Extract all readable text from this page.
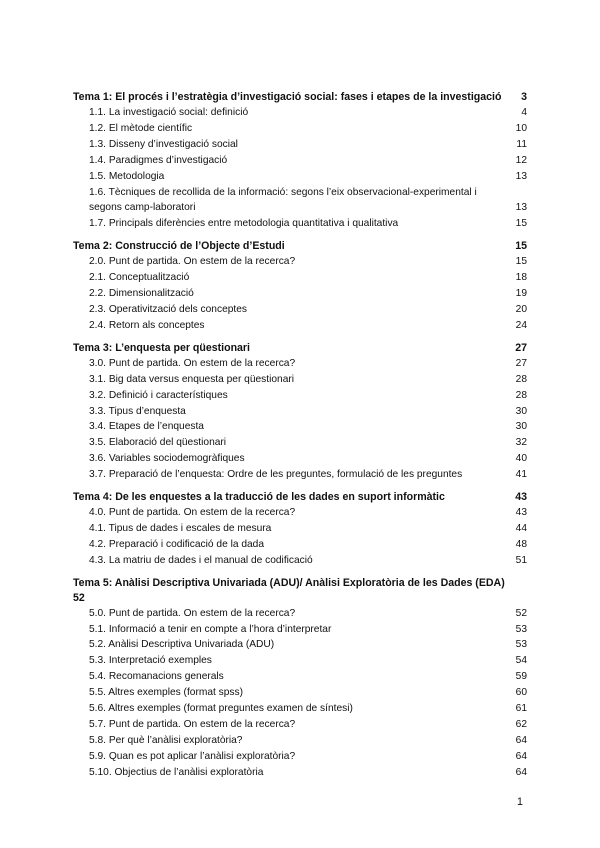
Tema 1: El procés i l’estratègia d’investigació social: fases i etapes de la investigació	3
1.1. La investigació social: definició	4
1.2. El mètode científic	10
1.3. Disseny d’investigació social	11
1.4. Paradigmes d’investigació	12
1.5. Metodologia	13
1.6. Tècniques de recollida de la informació: segons l’eix observacional-experimental i segons camp-laboratori	13
1.7. Principals diferències entre metodologia quantitativa i qualitativa	15
Tema 2: Construcció de l’Objecte d’Estudi	15
2.0. Punt de partida. On estem de la recerca?	15
2.1. Conceptualització	18
2.2. Dimensionalització	19
2.3. Operativització dels conceptes	20
2.4. Retorn als conceptes	24
Tema 3: L’enquesta per qüestionari	27
3.0. Punt de partida. On estem de la recerca?	27
3.1. Big data versus enquesta per qüestionari	28
3.2. Definició i característiques	28
3.3. Tipus d’enquesta	30
3.4. Etapes de l’enquesta	30
3.5. Elaboració del qüestionari	32
3.6. Variables sociodemogràfiques	40
3.7. Preparació de l’enquesta: Ordre de les preguntes, formulació de les preguntes	41
Tema 4: De les enquestes a la traducció de les dades en suport informàtic	43
4.0. Punt de partida. On estem de la recerca?	43
4.1. Tipus de dades i escales de mesura	44
4.2. Preparació i codificació de la dada	48
4.3. La matriu de dades i el manual de codificació	51
Tema 5: Anàlisi Descriptiva Univariada (ADU)/ Anàlisi Exploratòria de les Dades (EDA)
52
5.0. Punt de partida. On estem de la recerca?	52
5.1. Informació a tenir en compte a l’hora d’interpretar	53
5.2. Anàlisi Descriptiva Univariada (ADU)	53
5.3. Interpretació exemples	54
5.4. Recomanacions generals	59
5.5. Altres exemples (format spss)	60
5.6. Altres exemples (format preguntes examen de síntesi)	61
5.7. Punt de partida. On estem de la recerca?	62
5.8. Per què l’anàlisi exploratòria?	64
5.9. Quan es pot aplicar l’anàlisi exploratòria?	64
5.10. Objectius de l’anàlisi exploratòria	64
1
